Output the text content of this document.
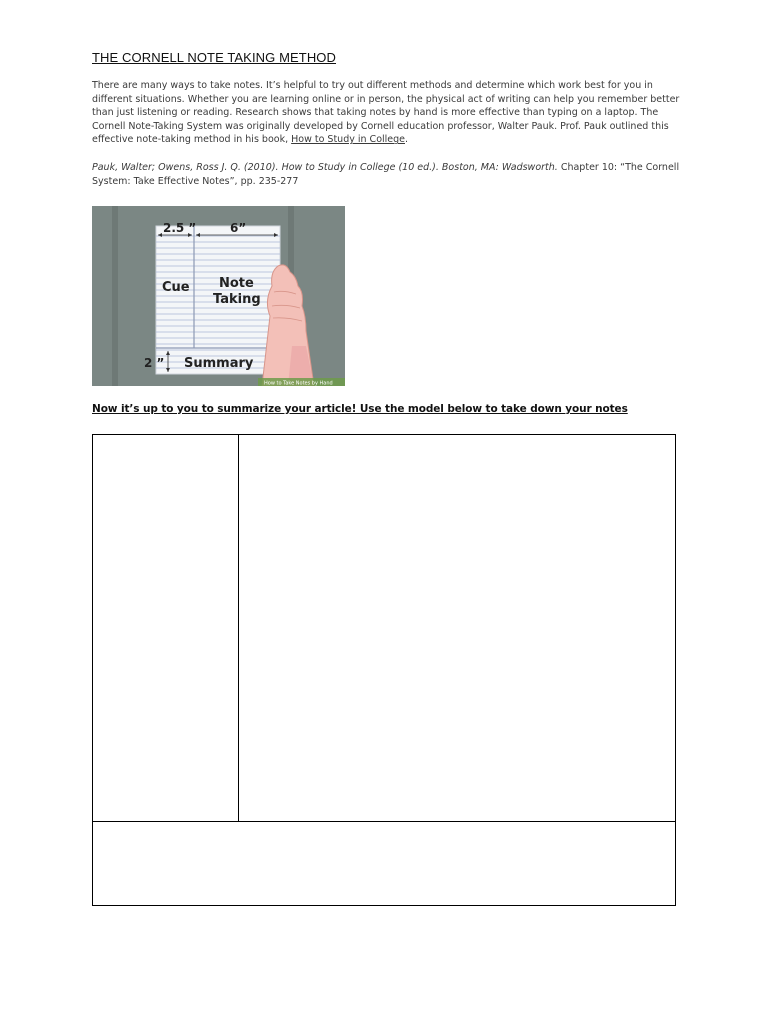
THE CORNELL NOTE TAKING METHOD
There are many ways to take notes. It’s helpful to try out different methods and determine which work best for you in different situations. Whether you are learning online or in person, the physical act of writing can help you remember better than just listening or reading. Research shows that taking notes by hand is more effective than typing on a laptop. The Cornell Note-Taking System was originally developed by Cornell education professor, Walter Pauk. Prof. Pauk outlined this effective note-taking method in his book, How to Study in College.
Pauk, Walter; Owens, Ross J. Q. (2010). How to Study in College (10 ed.). Boston, MA: Wadsworth. Chapter 10: “The Cornell System: Take Effective Notes”, pp. 235-277
2.5 ”	6”
Cue Note
Taking
2 ” Summary
How to Take Notes by Hand
Now it’s up to you to summarize your article! Use the model below to take down your notes
